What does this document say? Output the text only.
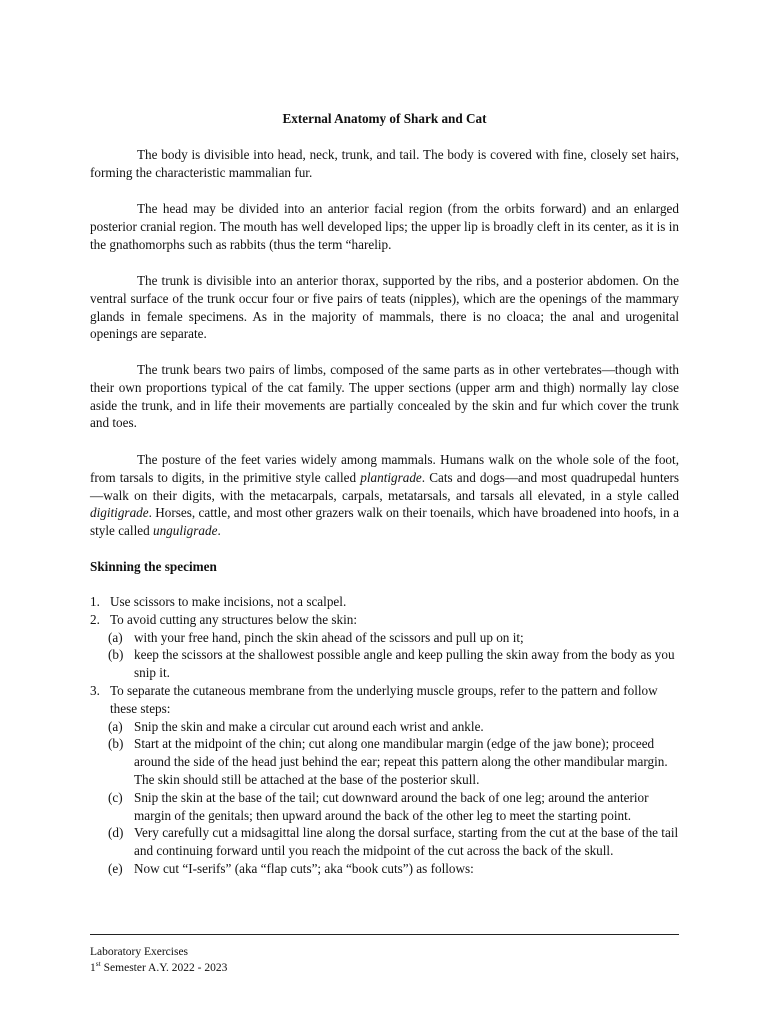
External Anatomy of Shark and Cat

The body is divisible into head, neck, trunk, and tail. The body is covered with fine, closely set hairs, forming the characteristic mammalian fur.

The head may be divided into an anterior facial region (from the orbits forward) and an enlarged posterior cranial region. The mouth has well developed lips; the upper lip is broadly cleft in its center, as it is in the gnathomorphs such as rabbits (thus the term “harelip.

The trunk is divisible into an anterior thorax, supported by the ribs, and a posterior abdomen. On the ventral surface of the trunk occur four or five pairs of teats (nipples), which are the openings of the mammary glands in female specimens. As in the majority of mammals, there is no cloaca; the anal and urogenital openings are separate.

The trunk bears two pairs of limbs, composed of the same parts as in other vertebrates—though with their own proportions typical of the cat family. The upper sections (upper arm and thigh) normally lay close aside the trunk, and in life their movements are partially concealed by the skin and fur which cover the trunk and toes.

The posture of the feet varies widely among mammals. Humans walk on the whole sole of the foot, from tarsals to digits, in the primitive style called plantigrade. Cats and dogs—and most quadrupedal hunters—walk on their digits, with the metacarpals, carpals, metatarsals, and tarsals all elevated, in a style called digitigrade. Horses, cattle, and most other grazers walk on their toenails, which have broadened into hoofs, in a style called unguligrade.

Skinning the specimen
1. Use scissors to make incisions, not a scalpel.
2. To avoid cutting any structures below the skin:
(a) with your free hand, pinch the skin ahead of the scissors and pull up on it;
(b) keep the scissors at the shallowest possible angle and keep pulling the skin away from the body as you snip it.
3. To separate the cutaneous membrane from the underlying muscle groups, refer to the pattern and follow these steps:
(a) Snip the skin and make a circular cut around each wrist and ankle.
(b) Start at the midpoint of the chin; cut along one mandibular margin (edge of the jaw bone); proceed around the side of the head just behind the ear; repeat this pattern along the other mandibular margin. The skin should still be attached at the base of the posterior skull.
(c) Snip the skin at the base of the tail; cut downward around the back of one leg; around the anterior margin of the genitals; then upward around the back of the other leg to meet the starting point.
(d) Very carefully cut a midsagittal line along the dorsal surface, starting from the cut at the base of the tail and continuing forward until you reach the midpoint of the cut across the back of the skull.
(e) Now cut “I-serifs” (aka “flap cuts”; aka “book cuts”) as follows:
Laboratory Exercises
1st Semester A.Y. 2022 - 2023
